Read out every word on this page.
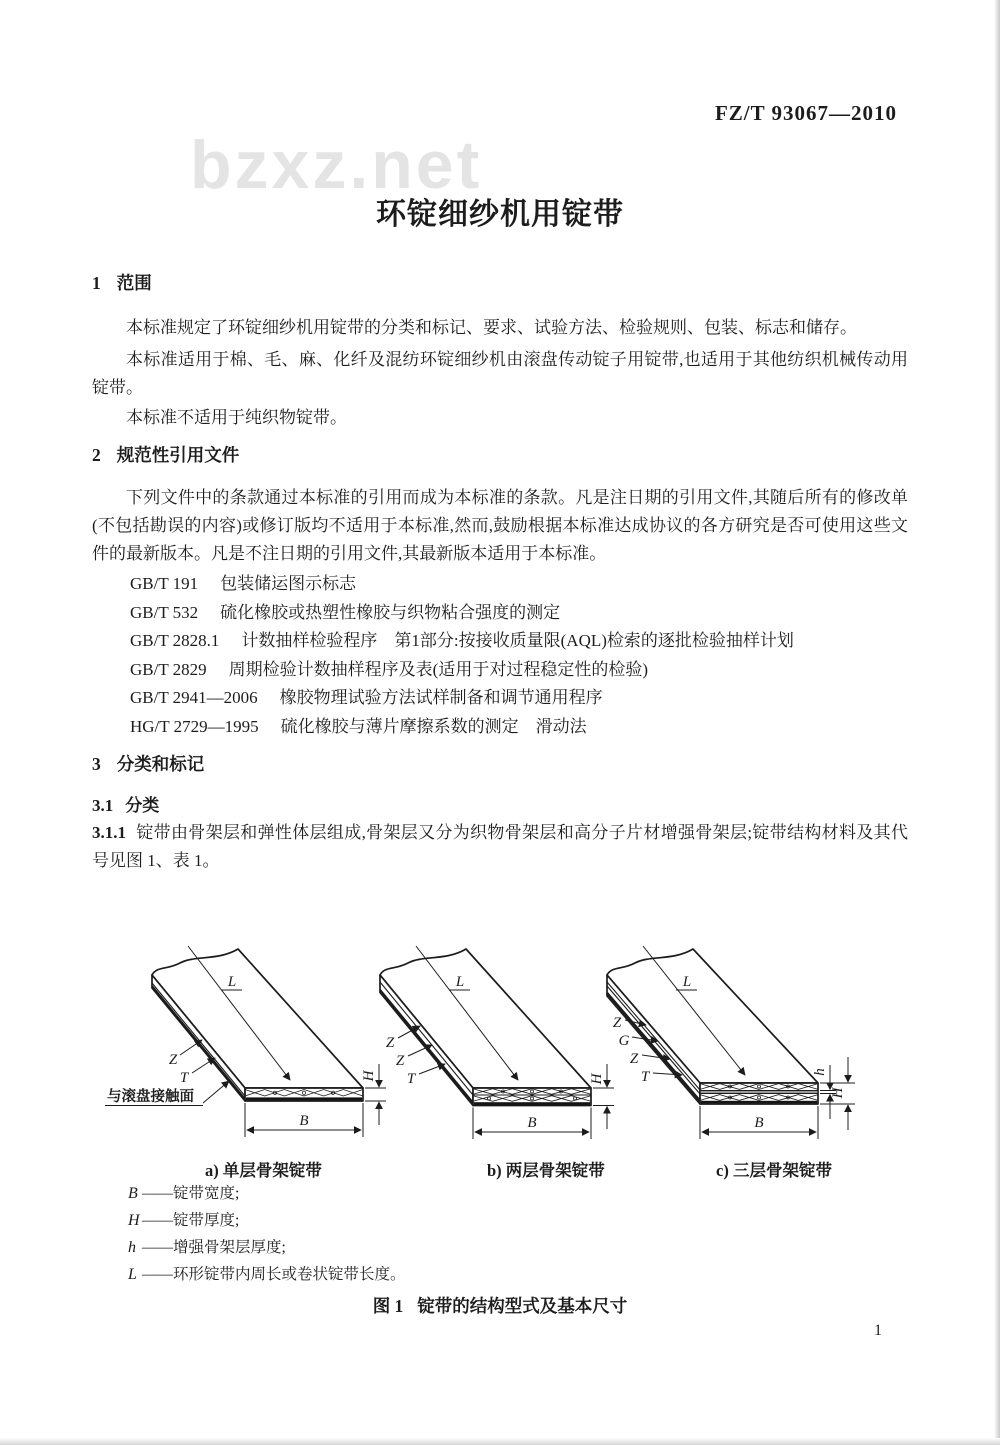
bzxz.net
FZ/T 93067—2010
环锭细纱机用锭带
1 范围

本标准规定了环锭细纱机用锭带的分类和标记、要求、试验方法、检验规则、包装、标志和储存。

本标准适用于棉、毛、麻、化纤及混纺环锭细纱机由滚盘传动锭子用锭带,也适用于其他纺织机械传动用锭带。

本标准不适用于纯织物锭带。

2 规范性引用文件

下列文件中的条款通过本标准的引用而成为本标准的条款。凡是注日期的引用文件,其随后所有的修改单(不包括勘误的内容)或修订版均不适用于本标准,然而,鼓励根据本标准达成协议的各方研究是否可使用这些文件的最新版本。凡是不注日期的引用文件,其最新版本适用于本标准。

GB/T 191 包装储运图示标志
GB/T 532 硫化橡胶或热塑性橡胶与织物粘合强度的测定
GB/T 2828.1 计数抽样检验程序　第1部分:按接收质量限(AQL)检索的逐批检验抽样计划
GB/T 2829 周期检验计数抽样程序及表(适用于对过程稳定性的检验)
GB/T 2941—2006 橡胶物理试验方法试样制备和调节通用程序
HG/T 2729—1995 硫化橡胶与薄片摩擦系数的测定　滑动法
3 分类和标记
3.1 分类

3.1.1 锭带由骨架层和弹性体层组成,骨架层又分为织物骨架层和高分子片材增强骨架层;锭带结构材料及其代号见图 1、表 1。

L
Z
T
与滚盘接触面
B
H
L
Z
Z
T
B
H
L
Z
G
Z
T
B
h
H
a) 单层骨架锭带	b) 两层骨架锭带	c) 三层骨架锭带
B ——锭带宽度;
H ——锭带厚度;
h ——增强骨架层厚度;
L ——环形锭带内周长或卷状锭带长度。

图 1 锭带的结构型式及基本尺寸

1
